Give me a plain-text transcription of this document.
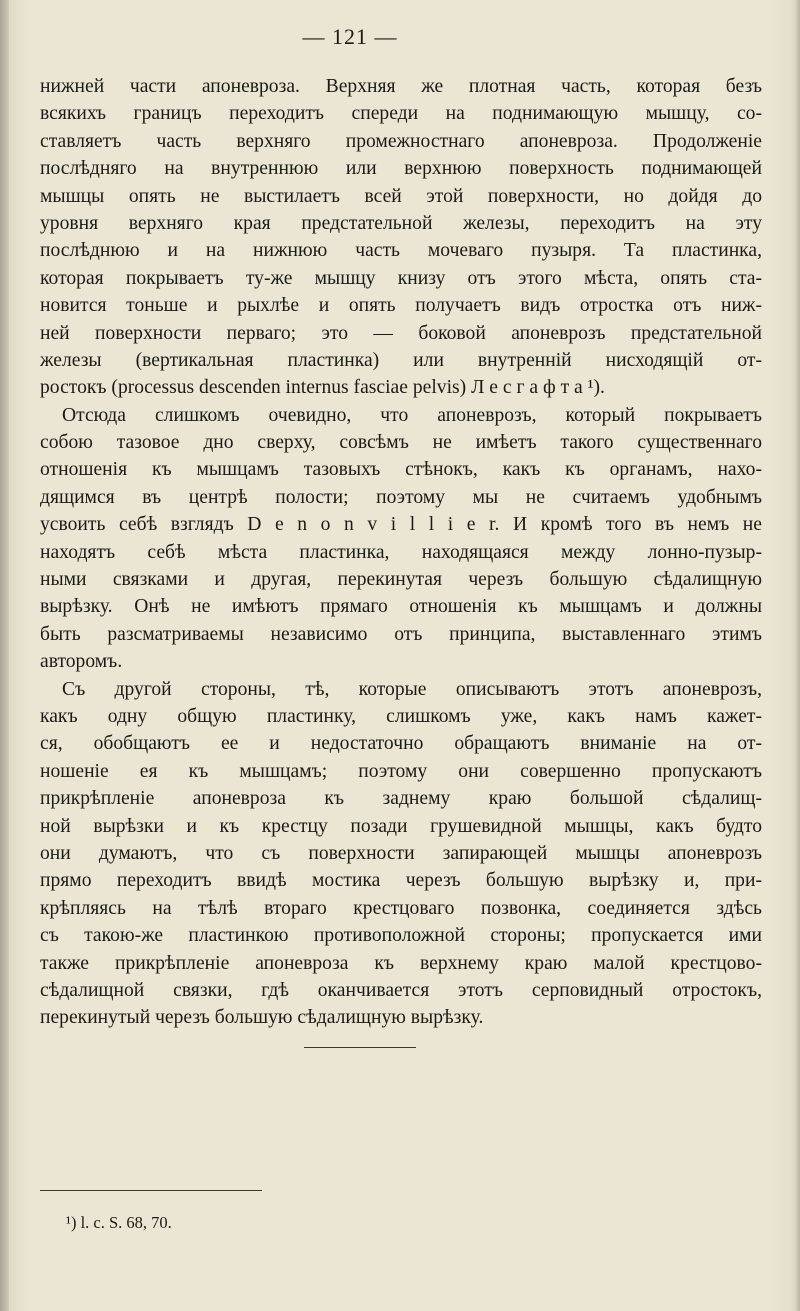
— 121 —
нижней части апоневроза. Верхняя же плотная часть, которая безъ
всякихъ границъ переходитъ спереди на поднимающую мышцу, со-
ставляетъ часть верхняго промежностнаго апоневроза. Продолженіе
послѣдняго на внутреннюю или верхнюю поверхность поднимающей
мышцы опять не выстилаетъ всей этой поверхности, но дойдя до
уровня верхняго края предстательной железы, переходитъ на эту
послѣднюю и на нижнюю часть мочеваго пузыря. Та пластинка,
которая покрываетъ ту-же мышцу книзу отъ этого мѣста, опять ста-
новится тоньше и рыхлѣе и опять получаетъ видъ отростка отъ ниж-
ней поверхности перваго; это — боковой апоневрозъ предстательной
железы (вертикальная пластинка) или внутренній нисходящій от-
ростокъ (processus descenden internus fasciae pelvis) Л е с г а ф т а ¹).
Отсюда слишкомъ очевидно, что апоневрозъ, который покрываетъ
собою тазовое дно сверху, совсѣмъ не имѣетъ такого существеннаго
отношенія къ мышцамъ тазовыхъ стѣнокъ, какъ къ органамъ, нахо-
дящимся въ центрѣ полости; поэтому мы не считаемъ удобнымъ
усвоить себѣ взглядъ D e n o n v i l l i e r. И кромѣ того въ немъ не
находятъ себѣ мѣста пластинка, находящаяся между лонно-пузыр-
ными связками и другая, перекинутая черезъ большую сѣдалищную
вырѣзку. Онѣ не имѣютъ прямаго отношенія къ мышцамъ и должны
быть разсматриваемы независимо отъ принципа, выставленнаго этимъ
авторомъ.
Съ другой стороны, тѣ, которые описываютъ этотъ апоневрозъ,
какъ одну общую пластинку, слишкомъ уже, какъ намъ кажет-
ся, обобщаютъ ее и недостаточно обращаютъ вниманіе на от-
ношеніе ея къ мышцамъ; поэтому они совершенно пропускаютъ
прикрѣпленіе апоневроза къ заднему краю большой сѣдалищ-
ной вырѣзки и къ крестцу позади грушевидной мышцы, какъ будто
они думаютъ, что съ поверхности запирающей мышцы апоневрозъ
прямо переходитъ ввидѣ мостика черезъ большую вырѣзку и, при-
крѣпляясь на тѣлѣ втораго крестцоваго позвонка, соединяется здѣсь
съ такою-же пластинкою противоположной стороны; пропускается ими
также прикрѣпленіе апоневроза къ верхнему краю малой крестцово-
сѣдалищной связки, гдѣ оканчивается этотъ серповидный отростокъ,
перекинутый черезъ большую сѣдалищную вырѣзку.
¹) l. c. S. 68, 70.
